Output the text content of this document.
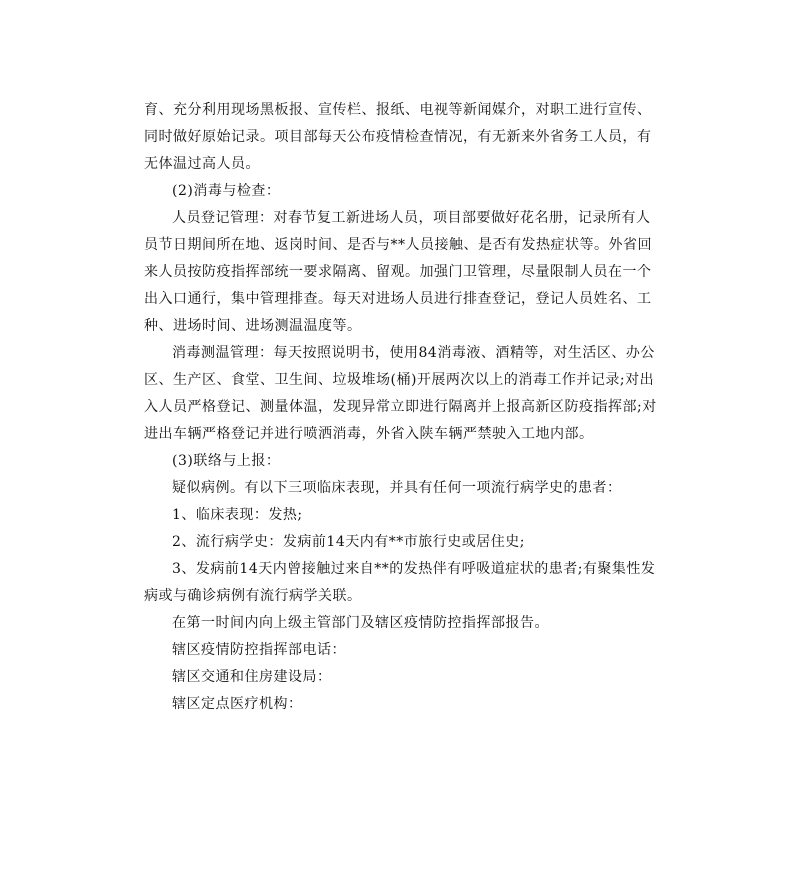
育、充分利用现场黑板报、宣传栏、报纸、电视等新闻媒介，对职工进行宣传、
同时做好原始记录。项目部每天公布疫情检查情况，有无新来外省务工人员，有
无体温过高人员。
(2)消毒与检查：
人员登记管理：对春节复工新进场人员，项目部要做好花名册，记录所有人
员节日期间所在地、返岗时间、是否与**人员接触、是否有发热症状等。外省回
来人员按防疫指挥部统一要求隔离、留观。加强门卫管理，尽量限制人员在一个
出入口通行，集中管理排查。每天对进场人员进行排查登记，登记人员姓名、工
种、进场时间、进场测温温度等。
消毒测温管理：每天按照说明书，使用84消毒液、酒精等，对生活区、办公
区、生产区、食堂、卫生间、垃圾堆场(桶)开展两次以上的消毒工作并记录;对出
入人员严格登记、测量体温，发现异常立即进行隔离并上报高新区防疫指挥部;对
进出车辆严格登记并进行喷洒消毒，外省入陕车辆严禁驶入工地内部。
(3)联络与上报：
疑似病例。有以下三项临床表现，并具有任何一项流行病学史的患者：
1、临床表现：发热;
2、流行病学史：发病前14天内有**市旅行史或居住史;
3、发病前14天内曾接触过来自**的发热伴有呼吸道症状的患者;有聚集性发
病或与确诊病例有流行病学关联。
在第一时间内向上级主管部门及辖区疫情防控指挥部报告。
辖区疫情防控指挥部电话：
辖区交通和住房建设局：
辖区定点医疗机构：
